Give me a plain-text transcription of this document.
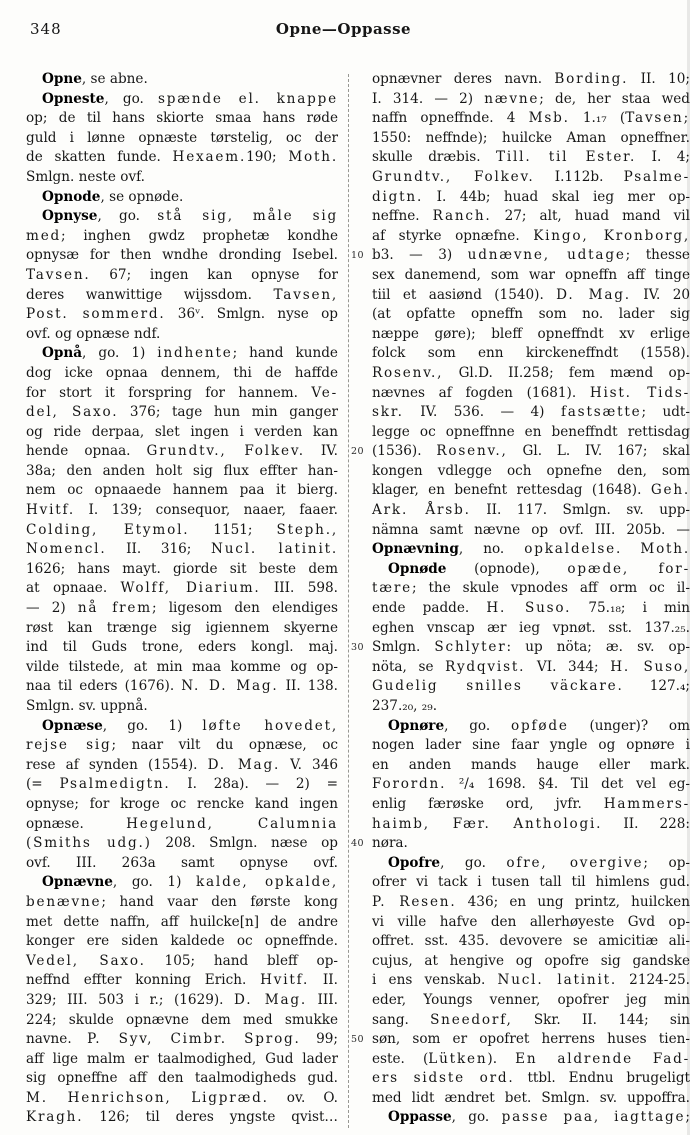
348	Opne—Oppasse
Opne, se abne.
Opneste, go. spænde el. knappe
op; de til hans skiorte smaa hans røde
guld i lønne opnæste tørstelig, oc der
de skatten funde. Hexaem.190; Moth.
Smlgn. neste ovf.
Opnode, se opnøde.
Opnyse, go. stå sig, måle sig
med; inghen gwdz prophetæ kondhe
opnysæ for then wndhe dronding Isebel.
Tavsen. 67; ingen kan opnyse for
deres wanwittige wijssdom. Tavsen,
Post. sommerd. 36ᵛ. Smlgn. nyse op
ovf. og opnæse ndf.
Opnå, go. 1) indhente; hand kunde
dog icke opnaa dennem, thi de haffde
for stort it forspring for hannem. Ve-
del, Saxo. 376; tage hun min ganger
og ride derpaa, slet ingen i verden kan
hende opnaa. Grundtv., Folkev. IV.
38a; den anden holt sig flux effter han-
nem oc opnaaede hannem paa it bierg.
Hvitf. I. 139; consequor, naaer, faaer.
Colding, Etymol. 1151; Steph.,
Nomencl. II. 316; Nucl. latinit.
1626; hans mayt. giorde sit beste dem
at opnaae. Wolff, Diarium. III. 598.
— 2) nå frem; ligesom den elendiges
røst kan trænge sig igiennem skyerne
ind til Guds trone, eders kongl. maj.
vilde tilstede, at min maa komme og op-
naa til eders (1676). N. D. Mag. II. 138.
Smlgn. sv. uppnå.
Opnæse, go. 1) løfte hovedet,
rejse sig; naar vilt du opnæse, oc
rese af synden (1554). D. Mag. V. 346
(= Psalmedigtn. I. 28a). — 2) =
opnyse; for kroge oc rencke kand ingen
opnæse. Hegelund, Calumnia
(Smiths udg.) 208. Smlgn. næse op
ovf. III. 263a samt opnyse ovf.
Opnævne, go. 1) kalde, opkalde,
benævne; hand vaar den første kong
met dette naffn, aff huilcke[n] de andre
konger ere siden kaldede oc opneffnde.
Vedel, Saxo. 105; hand bleff op-
neffnd effter konning Erich. Hvitf. II.
329; III. 503 i r.; (1629). D. Mag. III.
224; skulde opnævne dem med smukke
navne. P. Syv, Cimbr. Sprog. 99;
aff lige malm er taalmodighed, Gud lader
sig opneffne aff den taalmodigheds gud.
M. Henrichson, Ligpræd. ov. O.
Kragh. 126; til deres yngste qvist…
opnævner deres navn. Bording. II. 10;
I. 314. — 2) nævne; de, her staa wed
naffn opneffnde. 4 Msb. 1.₁₇ (Tavsen;
1550: neffnde); huilcke Aman opneffner.
skulle dræbis. Till. til Ester. I. 4;
Grundtv., Folkev. I.112b. Psalme-
digtn. I. 44b; huad skal ieg mer op-
neffne. Ranch. 27; alt, huad mand vil
af styrke opnæfne. Kingo, Kronborg,
b3. — 3) udnævne, udtage; thesse
sex danemend, som war opneffn aff tinge
tiil et aasiønd (1540). D. Mag. IV. 20
(at opfatte opneffn som no. lader sig
næppe gøre); bleff opneffndt xv erlige
folck som enn kirckeneffndt (1558).
Rosenv., Gl.D. II.258; fem mænd op-
nævnes af fogden (1681). Hist. Tids-
skr. IV. 536. — 4) fastsætte; udt-
legge oc opneffnne en beneffndt rettisdag
(1536). Rosenv., Gl. L. IV. 167; skal
kongen vdlegge och opnefne den, som
klager, en benefnt rettesdag (1648). Geh.
Ark. Årsb. II. 117. Smlgn. sv. upp-
nämna samt nævne op ovf. III. 205b. —
Opnævning, no. opkaldelse. Moth.
Opnøde (opnode), opæde, for-
tære; the skule vpnodes aff orm oc il-
ende padde. H. Suso. 75.₁₈; i min
eghen vnscap ær ieg vpnøt. sst. 137.₂₅.
Smlgn. Schlyter: up nöta; æ. sv. op-
nöta, se Rydqvist. VI. 344; H. Suso,
Gudelig snilles väckare. 127.₄;
237.₂₀, ₂₉.
Opnøre, go. opføde (unger)? om
nogen lader sine faar yngle og opnøre i
en anden mands hauge eller mark.
Forordn. ²/₄ 1698. §4. Til det vel eg-
enlig færøske ord, jvfr. Hammers-
haimb, Fær. Anthologi. II. 228:
nøra.
Opofre, go. ofre, overgive; op-
ofrer vi tack i tusen tall til himlens gud.
P. Resen. 436; en ung printz, huilcken
vi ville hafve den allerhøyeste Gvd op-
offret. sst. 435. devovere se amicitiæ ali-
cujus, at hengive og opofre sig gandske
i ens venskab. Nucl. latinit. 2124-25.
eder, Youngs venner, opofrer jeg min
sang. Sneedorf, Skr. II. 144; sin
søn, som er opofret herrens huses tien-
este. (Lütken). En aldrende Fad-
ers sidste ord. ttbl. Endnu brugeligt
med lidt ændret bet. Smlgn. sv. uppoffra.
Oppasse, go. passe paa, iagttage;
10
20
30
40
50
